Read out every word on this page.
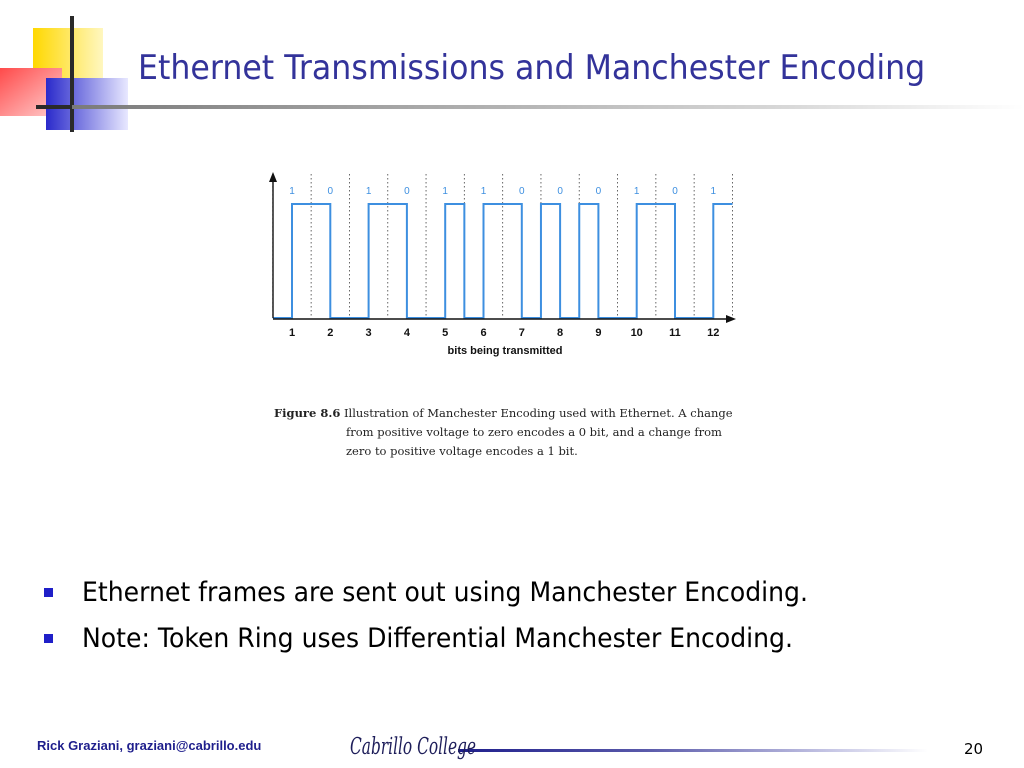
Ethernet Transmissions and Manchester Encoding
1	0	1	0	1	1	0	0	0	1	0	1
1	2	3	4	5	6	7	8	9	10 11 12
bits being transmitted
Figure 8.6 Illustration of Manchester Encoding used with Ethernet. A change
from positive voltage to zero encodes a 0 bit, and a change from
zero to positive voltage encodes a 1 bit.
Ethernet frames are sent out using Manchester Encoding.
Note: Token Ring uses Differential Manchester Encoding.
Rick Graziani, graziani@cabrillo.edu	Cabrillo College	20
